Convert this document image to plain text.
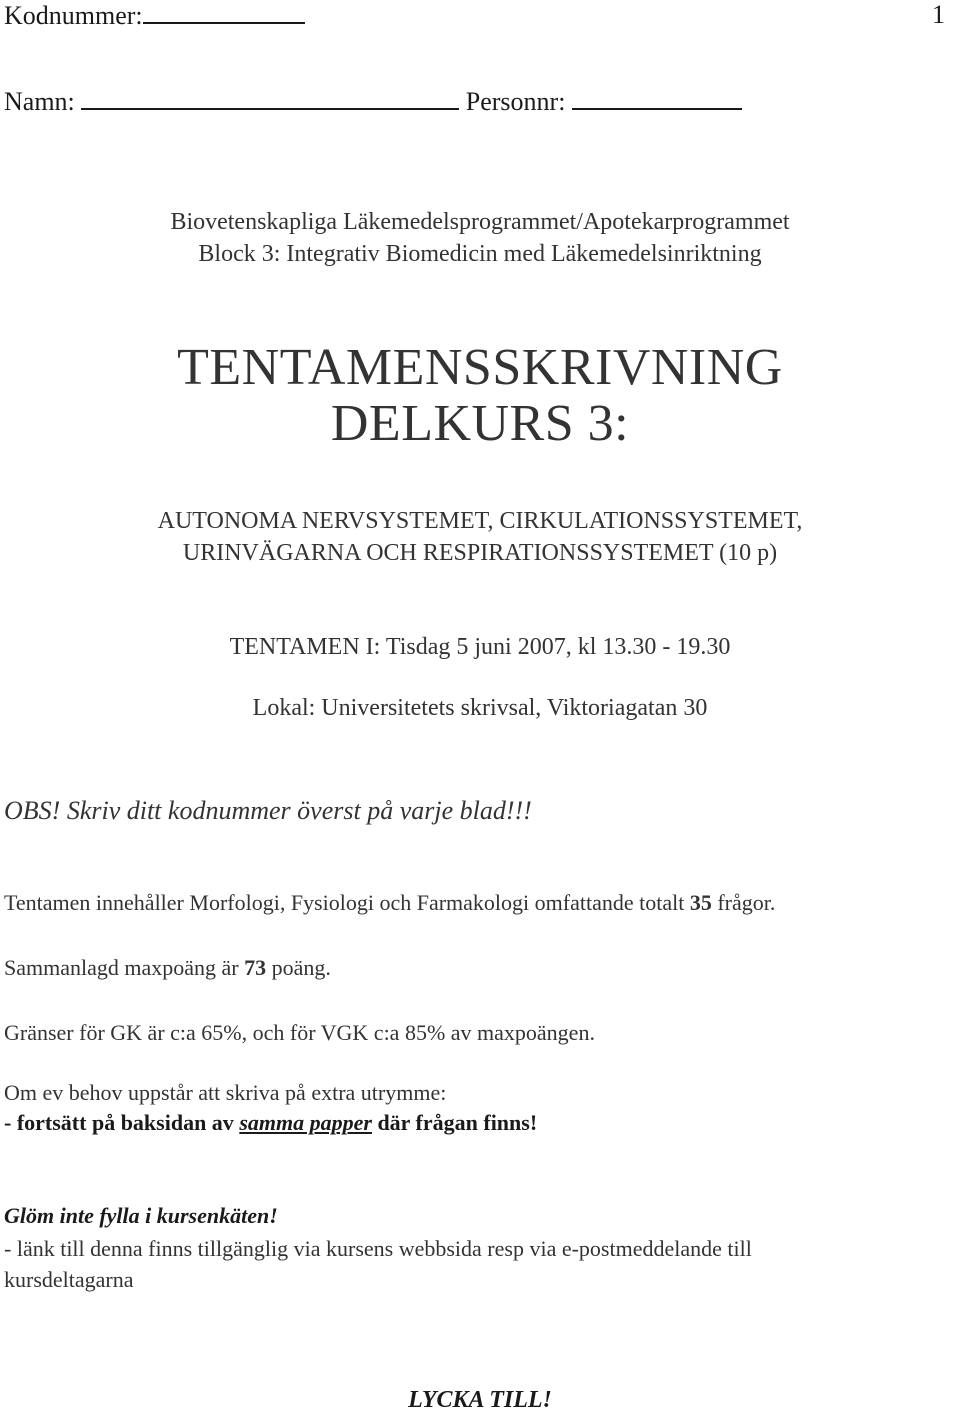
Kodnummer:	1
Namn:	Personnr:
Biovetenskapliga Läkemedelsprogrammet/Apotekarprogrammet
Block 3: Integrativ Biomedicin med Läkemedelsinriktning
TENTAMENSSKRIVNING
DELKURS 3:
AUTONOMA NERVSYSTEMET, CIRKULATIONSSYSTEMET,
URINVÄGARNA OCH RESPIRATIONSSYSTEMET (10 p)
TENTAMEN I: Tisdag 5 juni 2007, kl 13.30 - 19.30
Lokal: Universitetets skrivsal, Viktoriagatan 30
OBS! Skriv ditt kodnummer överst på varje blad!!!
Tentamen innehåller Morfologi, Fysiologi och Farmakologi omfattande totalt 35 frågor.
Sammanlagd maxpoäng är 73 poäng.
Gränser för GK är c:a 65%, och för VGK c:a 85% av maxpoängen.
Om ev behov uppstår att skriva på extra utrymme:
- fortsätt på baksidan av samma papper där frågan finns!
Glöm inte fylla i kursenkäten!
- länk till denna finns tillgänglig via kursens webbsida resp via e-postmeddelande till
kursdeltagarna
LYCKA TILL!
